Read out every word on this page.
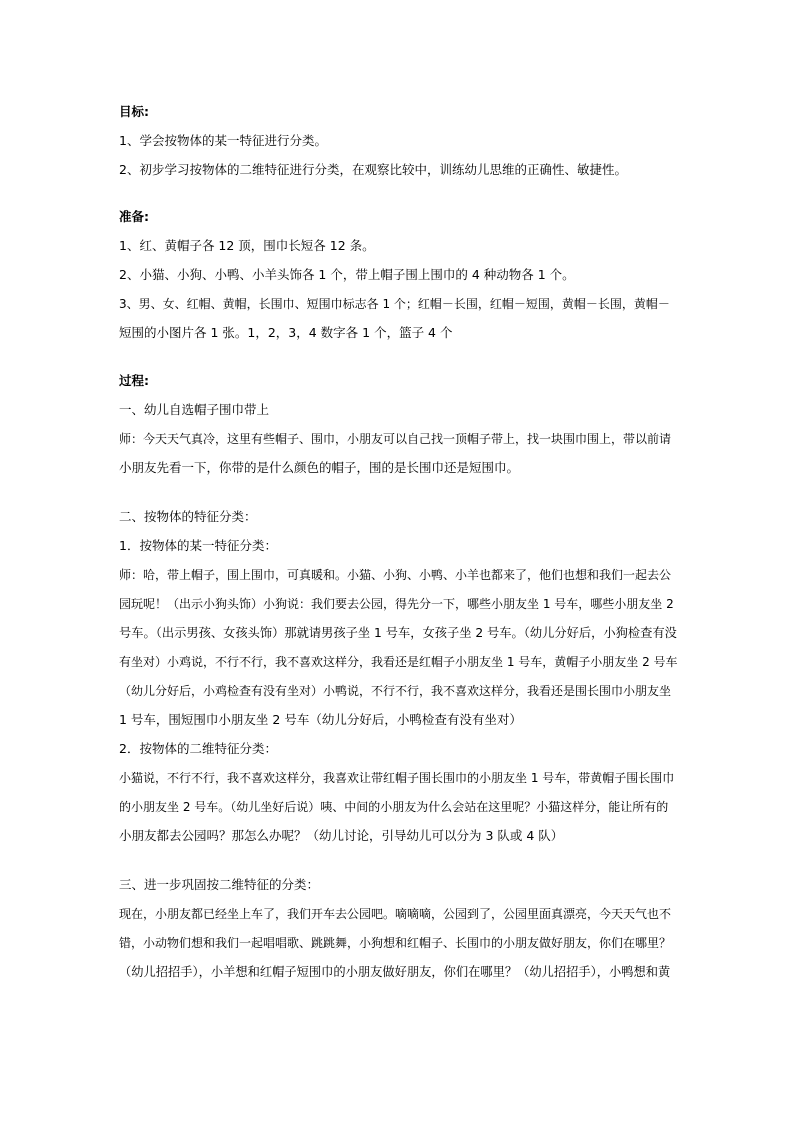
目标:
1、学会按物体的某一特征进行分类。
2、初步学习按物体的二维特征进行分类，在观察比较中，训练幼儿思维的正确性、敏捷性。
准备:
1、红、黄帽子各 12 顶，围巾长短各 12 条。
2、小猫、小狗、小鸭、小羊头饰各 1 个，带上帽子围上围巾的 4 种动物各 1 个。
3、男、女、红帽、黄帽，长围巾、短围巾标志各 1 个；红帽－长围，红帽－短围，黄帽－长围，黄帽－
短围的小图片各 1 张。1，2，3，4 数字各 1 个，篮子 4 个
过程:
一、幼儿自选帽子围巾带上
师：今天天气真冷，这里有些帽子、围巾，小朋友可以自己找一顶帽子带上，找一块围巾围上，带以前请
小朋友先看一下，你带的是什么颜色的帽子，围的是长围巾还是短围巾。
二、按物体的特征分类：
1．按物体的某一特征分类：
师：哈，带上帽子，围上围巾，可真暖和。小猫、小狗、小鸭、小羊也都来了，他们也想和我们一起去公
园玩呢！（出示小狗头饰）小狗说：我们要去公园，得先分一下，哪些小朋友坐 1 号车，哪些小朋友坐 2
号车。（出示男孩、女孩头饰）那就请男孩子坐 1 号车，女孩子坐 2 号车。（幼儿分好后，小狗检查有没
有坐对）小鸡说，不行不行，我不喜欢这样分，我看还是红帽子小朋友坐 1 号车，黄帽子小朋友坐 2 号车
（幼儿分好后，小鸡检查有没有坐对）小鸭说，不行不行，我不喜欢这样分，我看还是围长围巾小朋友坐
1 号车，围短围巾小朋友坐 2 号车（幼儿分好后，小鸭检查有没有坐对）
2．按物体的二维特征分类：
小猫说，不行不行，我不喜欢这样分，我喜欢让带红帽子围长围巾的小朋友坐 1 号车，带黄帽子围长围巾
的小朋友坐 2 号车。（幼儿坐好后说）咦、中间的小朋友为什么会站在这里呢？小猫这样分，能让所有的
小朋友都去公园吗？那怎么办呢？（幼儿讨论，引导幼儿可以分为 3 队或 4 队）
三、进一步巩固按二维特征的分类：
现在，小朋友都已经坐上车了，我们开车去公园吧。嘀嘀嘀，公园到了，公园里面真漂亮，今天天气也不
错，小动物们想和我们一起唱唱歌、跳跳舞，小狗想和红帽子、长围巾的小朋友做好朋友，你们在哪里？
（幼儿招招手），小羊想和红帽子短围巾的小朋友做好朋友，你们在哪里？（幼儿招招手），小鸭想和黄
